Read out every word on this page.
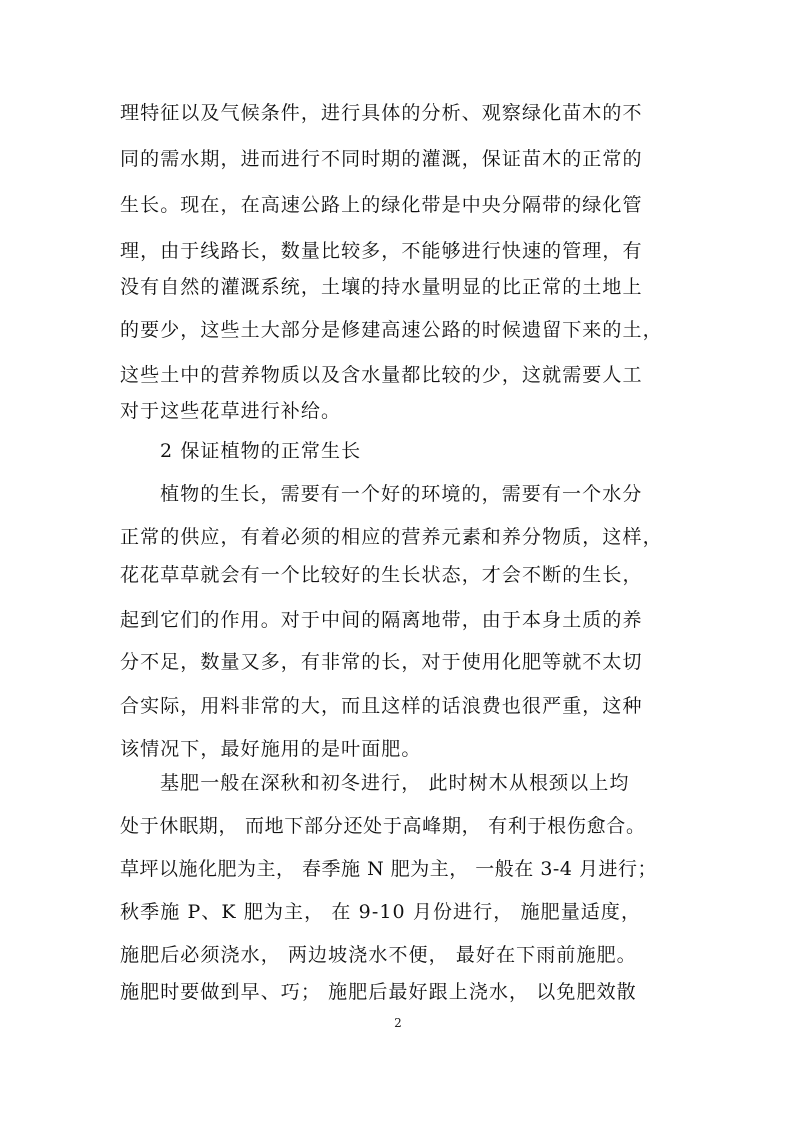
理特征以及气候条件，进行具体的分析、观察绿化苗木的不
同的需水期，进而进行不同时期的灌溉，保证苗木的正常的
生长。现在，在高速公路上的绿化带是中央分隔带的绿化管
理，由于线路长，数量比较多，不能够进行快速的管理，有
没有自然的灌溉系统，土壤的持水量明显的比正常的土地上
的要少，这些土大部分是修建高速公路的时候遗留下来的土，
这些土中的营养物质以及含水量都比较的少，这就需要人工
对于这些花草进行补给。
2 保证植物的正常生长
植物的生长，需要有一个好的环境的，需要有一个水分
正常的供应，有着必须的相应的营养元素和养分物质，这样，
花花草草就会有一个比较好的生长状态，才会不断的生长，
起到它们的作用。对于中间的隔离地带，由于本身土质的养
分不足，数量又多，有非常的长，对于使用化肥等就不太切
合实际，用料非常的大，而且这样的话浪费也很严重，这种
该情况下，最好施用的是叶面肥。
基肥一般在深秋和初冬进行， 此时树木从根颈以上均
处于休眠期， 而地下部分还处于高峰期， 有利于根伤愈合。
草坪以施化肥为主， 春季施 N 肥为主， 一般在 3-4 月进行；
秋季施 P、K 肥为主， 在 9-10 月份进行， 施肥量适度，
施肥后必须浇水， 两边坡浇水不便， 最好在下雨前施肥。
施肥时要做到早、巧； 施肥后最好跟上浇水， 以免肥效散
2
